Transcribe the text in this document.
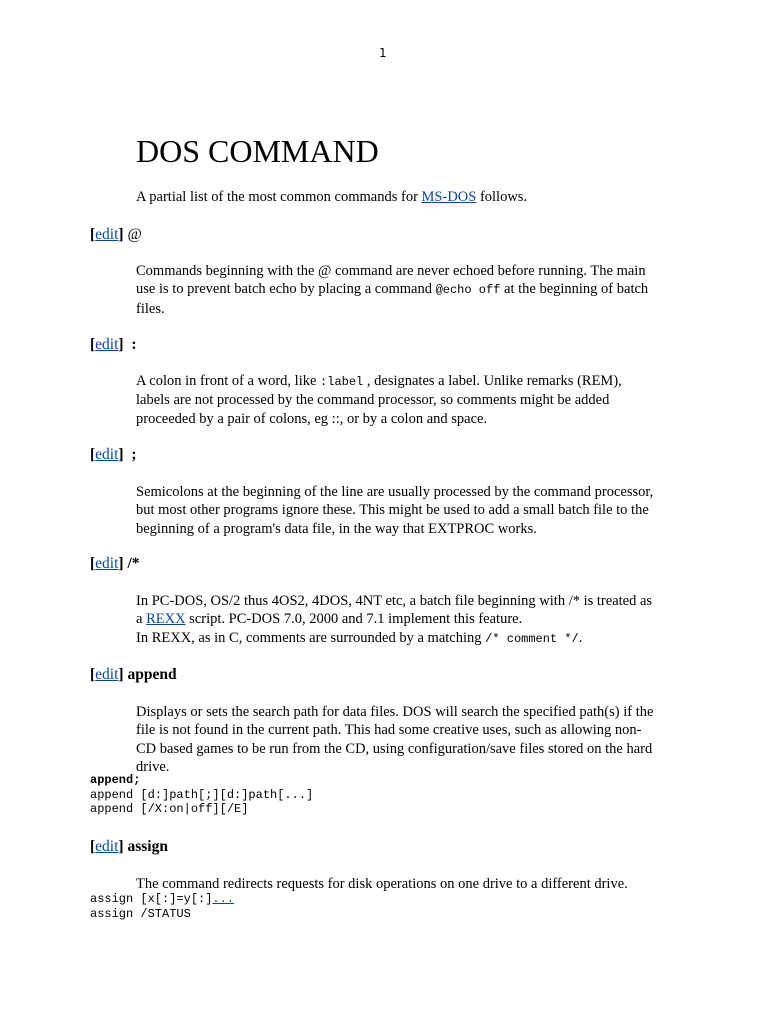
1
DOS COMMAND
A partial list of the most common commands for MS-DOS follows.
[edit] @
Commands beginning with the @ command are never echoed before running. The main
use is to prevent batch echo by placing a command @echo off at the beginning of batch
files.
[edit] :
A colon in front of a word, like :label , designates a label. Unlike remarks (REM),
labels are not processed by the command processor, so comments might be added
proceeded by a pair of colons, eg ::, or by a colon and space.
[edit] ;
Semicolons at the beginning of the line are usually processed by the command processor,
but most other programs ignore these. This might be used to add a small batch file to the
beginning of a program's data file, in the way that EXTPROC works.
[edit] /*
In PC-DOS, OS/2 thus 4OS2, 4DOS, 4NT etc, a batch file beginning with /* is treated as
a REXX script. PC-DOS 7.0, 2000 and 7.1 implement this feature.
In REXX, as in C, comments are surrounded by a matching /* comment */.
[edit] append
Displays or sets the search path for data files. DOS will search the specified path(s) if the
file is not found in the current path. This had some creative uses, such as allowing non-
CD based games to be run from the CD, using configuration/save files stored on the hard
drive.
append;
append [d:]path[;][d:]path[...]
append [/X:on|off][/E]
[edit] assign
The command redirects requests for disk operations on one drive to a different drive.
assign [x[:]=y[:]...
assign /STATUS
